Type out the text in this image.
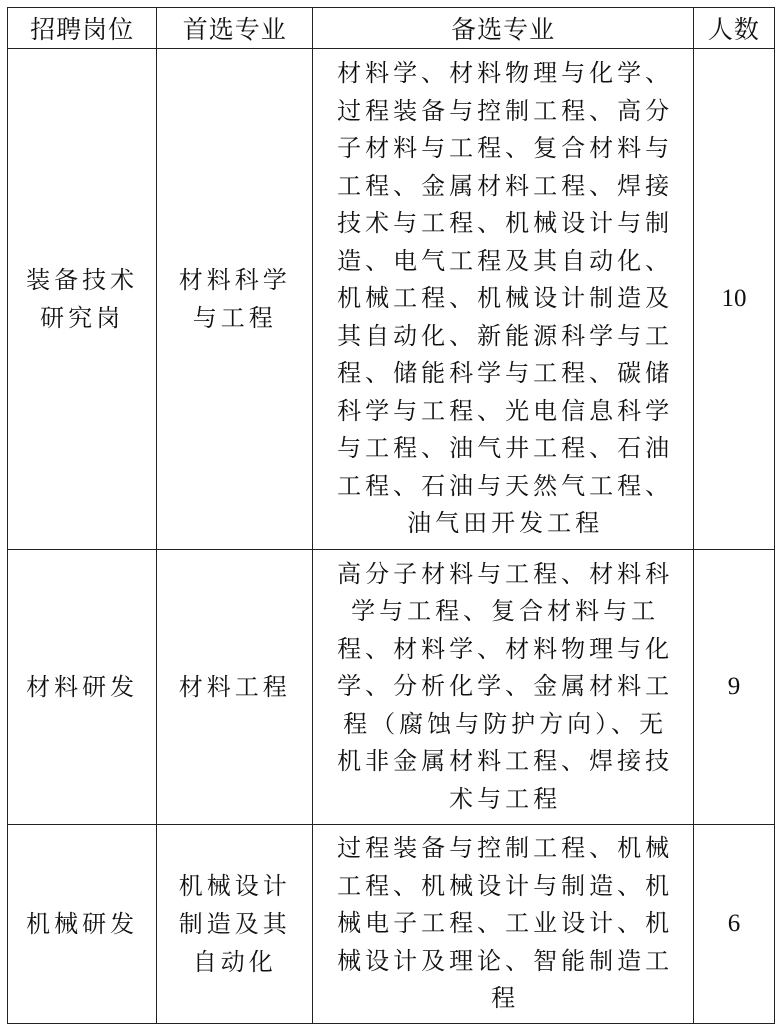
招聘岗位	首选专业	备选专业	人数
装备技术研究岗	材料科学与工程	材料学、材料物理与化学、过程装备与控制工程、高分子材料与工程、复合材料与工程、金属材料工程、焊接技术与工程、机械设计与制造、电气工程及其自动化、机械工程、机械设计制造及其自动化、新能源科学与工程、储能科学与工程、碳储科学与工程、光电信息科学与工程、油气井工程、石油工程、石油与天然气工程、油气田开发工程	10
材料研发	材料工程	高分子材料与工程、材料科学与工程、复合材料与工程、材料学、材料物理与化学、分析化学、金属材料工程（腐蚀与防护方向）、无机非金属材料工程、焊接技术与工程	9
机械研发	机械设计制造及其自动化	过程装备与控制工程、机械工程、机械设计与制造、机械电子工程、工业设计、机械设计及理论、智能制造工程	6
